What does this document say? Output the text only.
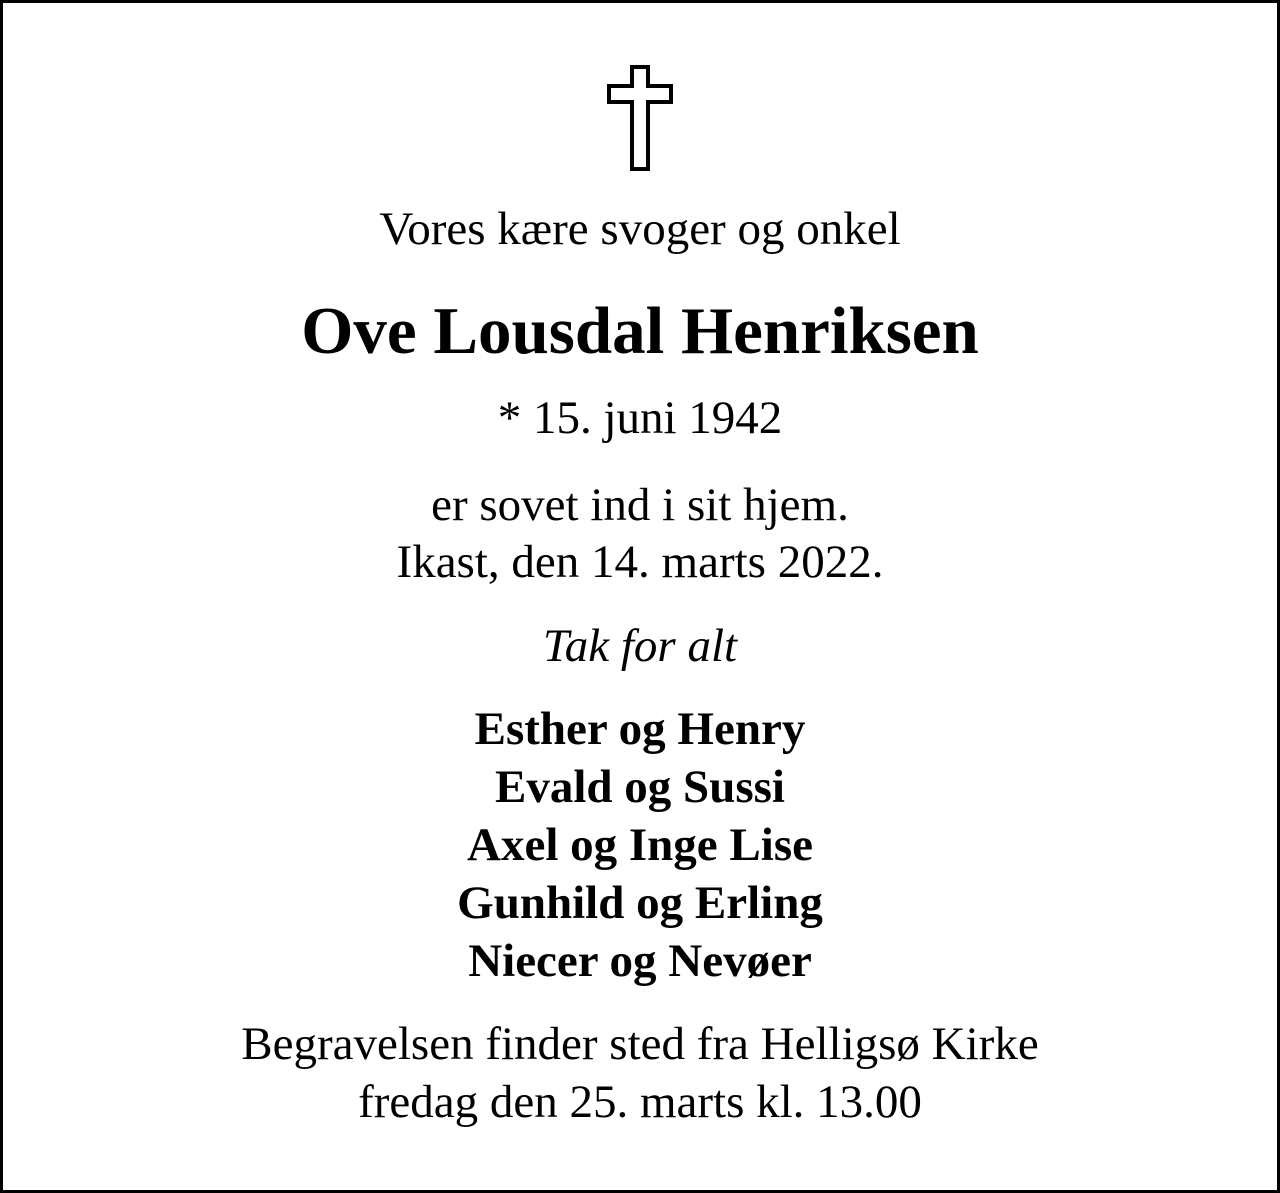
Vores kære svoger og onkel
Ove Lousdal Henriksen
* 15. juni 1942
er sovet ind i sit hjem.
Ikast, den 14. marts 2022.
Tak for alt
Esther og Henry
Evald og Sussi
Axel og Inge Lise
Gunhild og Erling
Niecer og Nevøer
Begravelsen finder sted fra Helligsø Kirke
fredag den 25. marts kl. 13.00
